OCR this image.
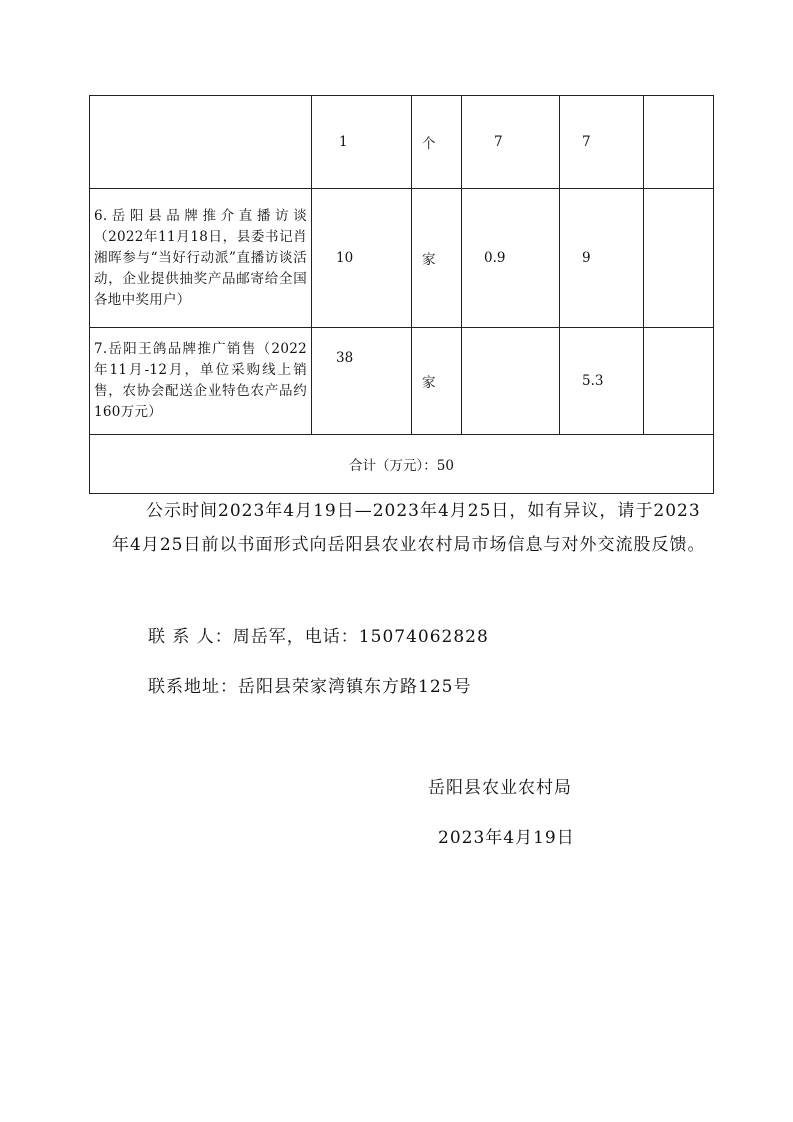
	1	个	7	7	
6.岳阳县品牌推介直播访谈（2022年11月18日，县委书记肖湘晖参与“当好行动派”直播访谈活动，企业提供抽奖产品邮寄给全国各地中奖用户）	10	家	0.9	9	
7.岳阳王鸽品牌推广销售（2022年11月-12月，单位采购线上销售，农协会配送企业特色农产品约160万元）	38	家		5.3	
合计（万元）：50					

公示时间2023年4月19日—2023年4月25日，如有异议，请于2023年4月25日前以书面形式向岳阳县农业农村局市场信息与对外交流股反馈。

联 系 人：周岳军，电话：15074062828

联系地址：岳阳县荣家湾镇东方路125号

岳阳县农业农村局

2023年4月19日
